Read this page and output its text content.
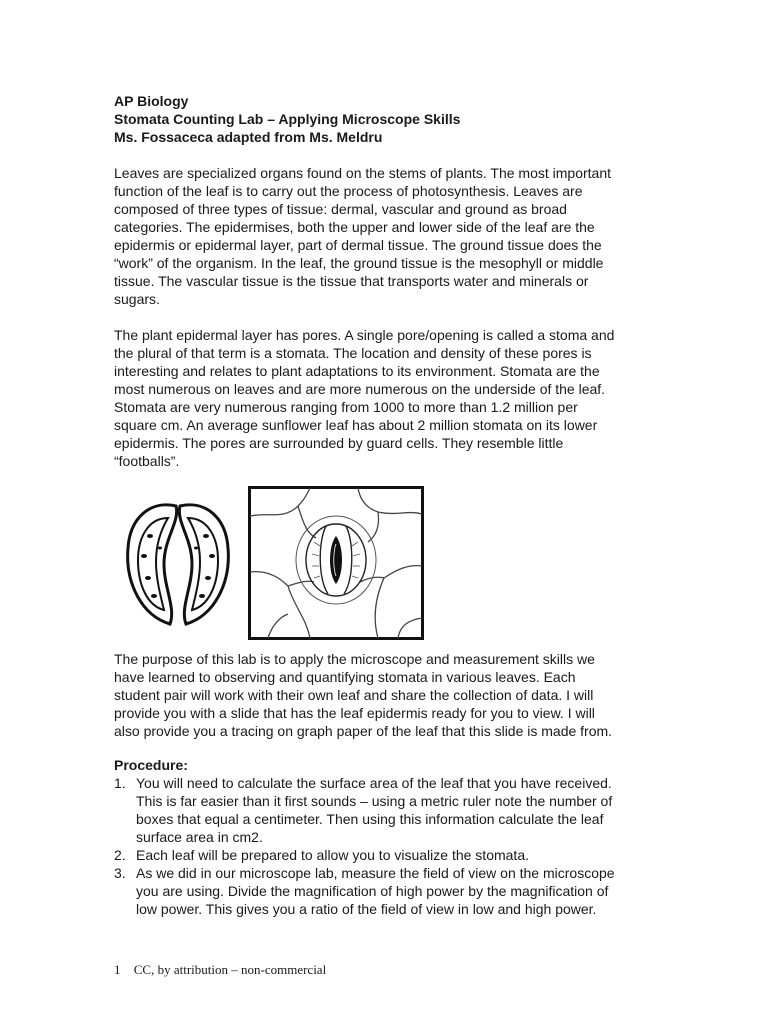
AP Biology
Stomata Counting Lab – Applying Microscope Skills
Ms. Fossaceca adapted from Ms. Meldru
Leaves are specialized organs found on the stems of plants. The most important
function of the leaf is to carry out the process of photosynthesis. Leaves are
composed of three types of tissue: dermal, vascular and ground as broad
categories. The epidermises, both the upper and lower side of the leaf are the
epidermis or epidermal layer, part of dermal tissue. The ground tissue does the
“work” of the organism. In the leaf, the ground tissue is the mesophyll or middle
tissue. The vascular tissue is the tissue that transports water and minerals or
sugars.
The plant epidermal layer has pores. A single pore/opening is called a stoma and
the plural of that term is a stomata. The location and density of these pores is
interesting and relates to plant adaptations to its environment. Stomata are the
most numerous on leaves and are more numerous on the underside of the leaf.
Stomata are very numerous ranging from 1000 to more than 1.2 million per
square cm. An average sunflower leaf has about 2 million stomata on its lower
epidermis. The pores are surrounded by guard cells. They resemble little
“footballs”.
The purpose of this lab is to apply the microscope and measurement skills we
have learned to observing and quantifying stomata in various leaves. Each
student pair will work with their own leaf and share the collection of data. I will
provide you with a slide that has the leaf epidermis ready for you to view. I will
also provide you a tracing on graph paper of the leaf that this slide is made from.
Procedure:
1. You will need to calculate the surface area of the leaf that you have received.
This is far easier than it first sounds – using a metric ruler note the number of
boxes that equal a centimeter. Then using this information calculate the leaf
surface area in cm2.
2. Each leaf will be prepared to allow you to visualize the stomata.
3. As we did in our microscope lab, measure the field of view on the microscope
you are using. Divide the magnification of high power by the magnification of
low power. This gives you a ratio of the field of view in low and high power.
1 CC, by attribution – non-commercial
